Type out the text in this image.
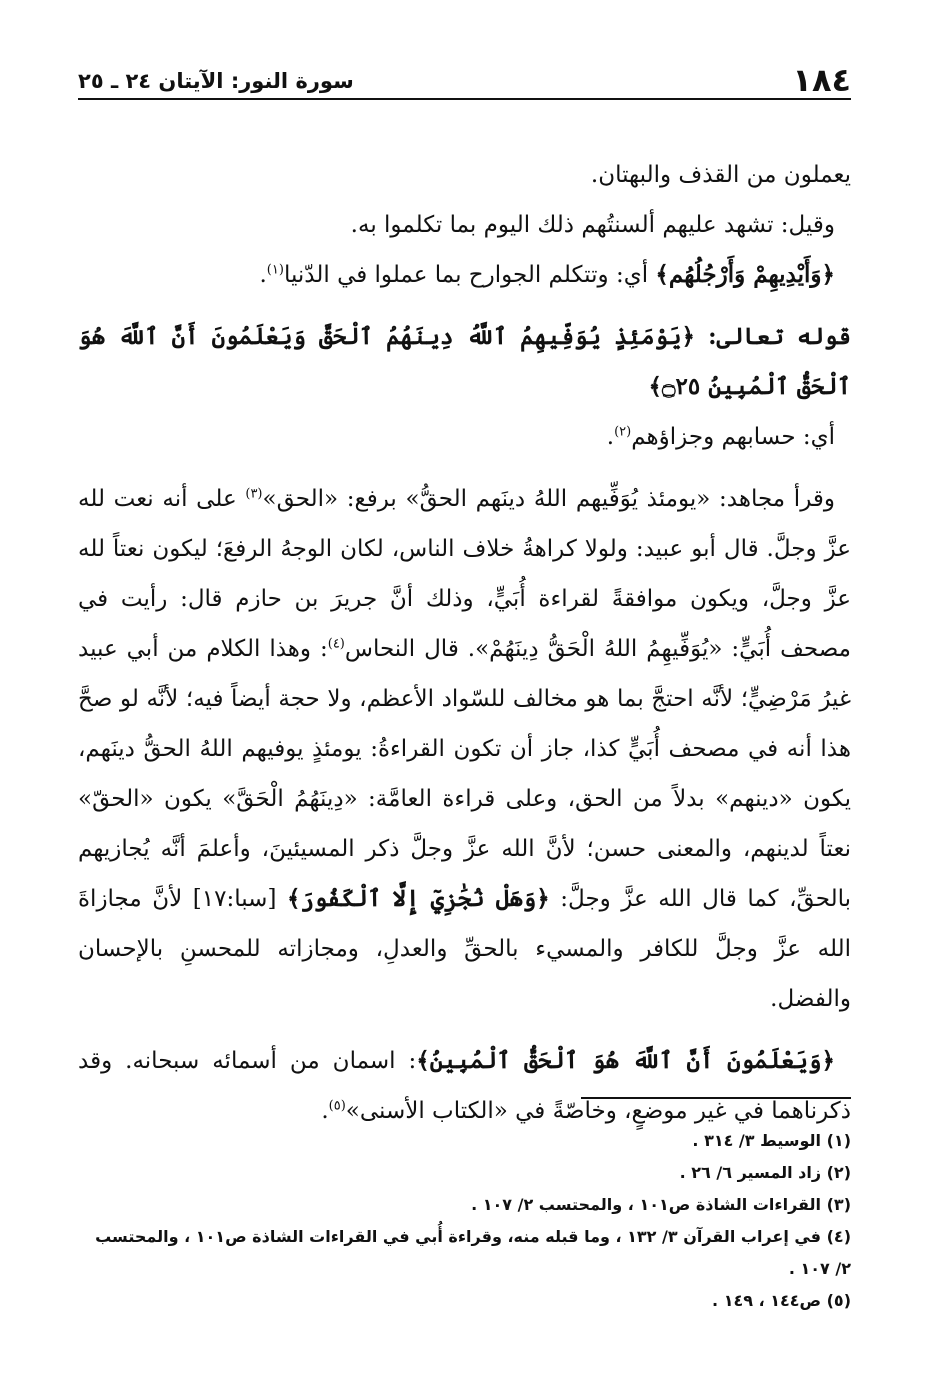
سورة النور: الآيتان ٢٤ ـ ٢٥	١٨٤

يعملون من القذف والبهتان.

وقيل: تشهد عليهم ألسنتُهم ذلك اليوم بما تكلموا به.

﴿وَأَيْدِيهِمْ وَأَرْجُلُهُم﴾ أي: وتتكلم الجوارح بما عملوا في الدّنيا$^{(١)}$.

قوله تعالى: ﴿يَوْمَئِذٍ يُوَفِّيهِمُ ٱللَّهُ دِينَهُمُ ٱلْحَقَّ وَيَعْلَمُونَ أَنَّ ٱللَّهَ هُوَ ٱلْحَقُّ ٱلْمُبِينُ ۝٢٥﴾

أي: حسابهم وجزاؤهم$^{(٢)}$.

وقرأ مجاهد: «يومئذ يُوَفِّيهم اللهُ دينَهم الحقُّ» برفع: «الحق»$^{(٣)}$ على أنه نعت لله عزَّ وجلَّ. قال أبو عبيد: ولولا كراهةُ خلاف الناس، لكان الوجهُ الرفعَ؛ ليكون نعتاً لله عزَّ وجلَّ، ويكون موافقةً لقراءة أُبَيٍّ، وذلك أنَّ جريرَ بن حازم قال: رأيت في مصحف أُبَيٍّ: «يُوَفِّيهِمُ اللهُ الْحَقُّ دِينَهُمْ». قال النحاس$^{(٤)}$: وهذا الكلام من أبي عبيد غيرُ مَرْضِيٍّ؛ لأنَّه احتجَّ بما هو مخالف للسّواد الأعظم، ولا حجة أيضاً فيه؛ لأنَّه لو صحَّ هذا أنه في مصحف أُبَيٍّ كذا، جاز أن تكون القراءةُ: يومئذٍ يوفيهم اللهُ الحقُّ دينَهم، يكون «دينهم» بدلاً من الحق، وعلى قراءة العامَّة: «دِينَهُمُ الْحَقَّ» يكون «الحقّ» نعتاً لدينهم، والمعنى حسن؛ لأنَّ الله عزَّ وجلَّ ذكر المسيئينَ، وأعلمَ أنَّه يُجازيهم بالحقِّ، كما قال الله عزَّ وجلَّ: ﴿وَهَلْ نُجَٰزِيٓ إِلَّا ٱلْكَفُورَ﴾ [سبا:١٧] لأنَّ مجازاةَ الله عزَّ وجلَّ للكافر والمسيء بالحقِّ والعدلِ، ومجازاته للمحسنِ بالإحسان والفضل.

﴿وَيَعْلَمُونَ أَنَّ ٱللَّهَ هُوَ ٱلْحَقُّ ٱلْمُبِينُ﴾: اسمان من أسمائه سبحانه. وقد ذكرناهما في غير موضعٍ، وخاصّةً في «الكتاب الأسنى»$^{(٥)}$.

(١) الوسيط ٣/ ٣١٤ .

(٢) زاد المسير ٦/ ٢٦ .

(٣) القراءات الشاذة ص١٠١ ، والمحتسب ٢/ ١٠٧ .

(٤) في إعراب القرآن ٣/ ١٣٢ ، وما قبله منه، وقراءة أُبي في القراءات الشاذة ص١٠١ ، والمحتسب ٢/ ١٠٧ .

(٥) ص١٤٤ ، ١٤٩ .
